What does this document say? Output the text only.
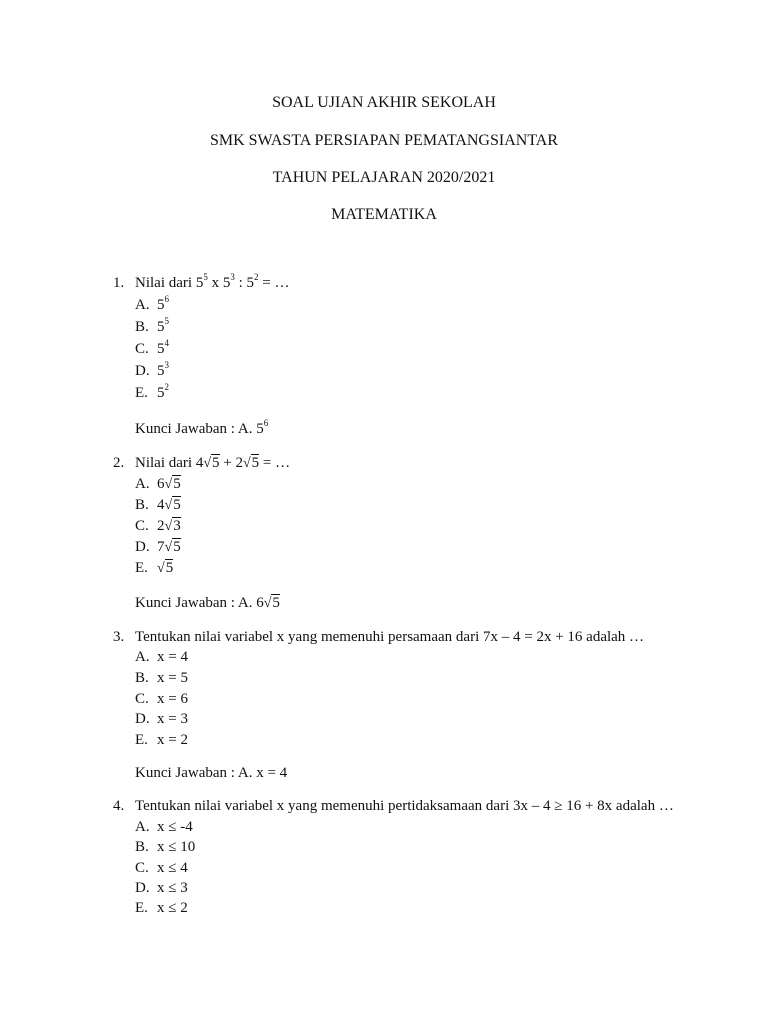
SOAL UJIAN AKHIR SEKOLAH
SMK SWASTA PERSIAPAN PEMATANGSIANTAR
TAHUN PELAJARAN 2020/2021
MATEMATIKA
1. Nilai dari $5^5$ x $5^3$ : $5^2$ = …
A. $5^6$
B. $5^5$
C. $5^4$
D. $5^3$
E. $5^2$
Kunci Jawaban : A. $5^6$
2. Nilai dari 4√5 + 2√5 = …
A. 6√5
B. 4√5
C. 2√3
D. 7√5
E. √5
Kunci Jawaban : A. 6√5
3. Tentukan nilai variabel x yang memenuhi persamaan dari 7x – 4 = 2x + 16 adalah …
A. x = 4
B. x = 5
C. x = 6
D. x = 3
E. x = 2
Kunci Jawaban : A. x = 4
4. Tentukan nilai variabel x yang memenuhi pertidaksamaan dari 3x – 4 ≥ 16 + 8x adalah …
A. x ≤ -4
B. x ≤ 10
C. x ≤ 4
D. x ≤ 3
E. x ≤ 2
